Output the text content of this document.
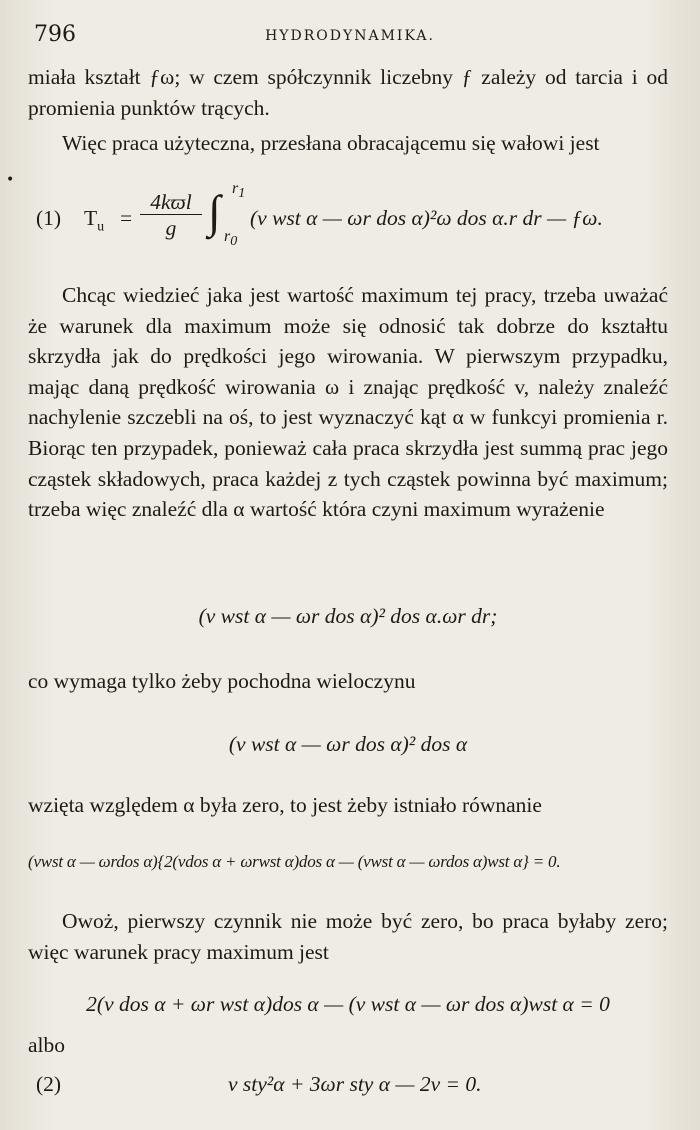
796	HYDRODYNAMIKA.

miała kształt ƒω; w czem spółczynnik liczebny ƒ zależy od tarcia i od promienia punktów trących.

Więc praca użyteczna, przesłana obracającemu się wałowi jest

•
(1) $T_u$ =
4kϖl
g ∫ $r_1$
$r_0$
(v wst α — ωr dos α)²ω dos α.r dr — ƒω.

Chcąc wiedzieć jaka jest wartość maximum tej pracy, trzeba uważać że warunek dla maximum może się odnosić tak dobrze do kształtu skrzydła jak do prędkości jego wirowania. W pierwszym przypadku, mając daną prędkość wirowania ω i znając prędkość v, należy znaleźć nachylenie szczebli na oś, to jest wyznaczyć kąt α w funkcyi promienia r. Biorąc ten przypadek, ponieważ cała praca skrzydła jest summą prac jego cząstek składowych, praca każdej z tych cząstek powinna być maximum; trzeba więc znaleźć dla α wartość która czyni maximum wyrażenie

(v wst α — ωr dos α)² dos α.ωr dr;

co wymaga tylko żeby pochodna wieloczynu

(v wst α — ωr dos α)² dos α

wzięta względem α była zero, to jest żeby istniało równanie

(vwst α — ωrdos α){2(vdos α + ωrwst α)dos α — (vwst α — ωrdos α)wst α} = 0.

Owoż, pierwszy czynnik nie może być zero, bo praca byłaby zero; więc warunek pracy maximum jest

2(v dos α + ωr wst α)dos α — (v wst α — ωr dos α)wst α = 0

albo

(2)	v sty²α + 3ωr sty α — 2v = 0.
